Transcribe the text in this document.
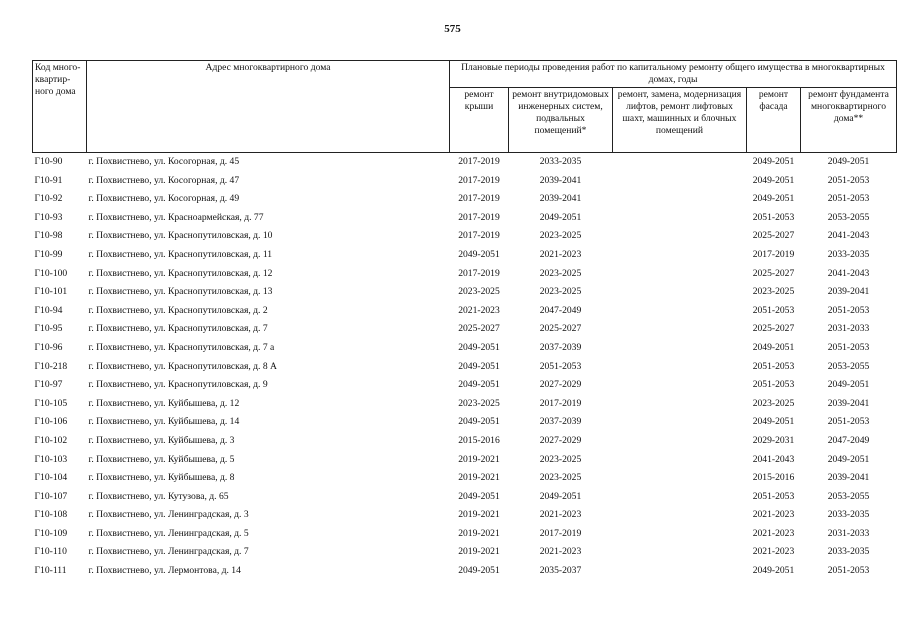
575
Код много-квартир-ного дома	Адрес многоквартирного дома	Плановые периоды проведения работ по капитальному ремонту общего имущества в многоквартирных домах, годы				
		ремонт крыши	ремонт внутридомовых инженерных систем, подвальных помещений*	ремонт, замена, модернизация лифтов, ремонт лифтовых шахт, машинных и блочных помещений	ремонт фасада	ремонт фундамента многоквартирного дома**
Г10-90	г. Похвистнево, ул. Косогорная, д. 45	2017-2019	2033-2035		2049-2051	2049-2051
Г10-91	г. Похвистнево, ул. Косогорная, д. 47	2017-2019	2039-2041		2049-2051	2051-2053
Г10-92	г. Похвистнево, ул. Косогорная, д. 49	2017-2019	2039-2041		2049-2051	2051-2053
Г10-93	г. Похвистнево, ул. Красноармейская, д. 77	2017-2019	2049-2051		2051-2053	2053-2055
Г10-98	г. Похвистнево, ул. Краснопутиловская, д. 10	2017-2019	2023-2025		2025-2027	2041-2043
Г10-99	г. Похвистнево, ул. Краснопутиловская, д. 11	2049-2051	2021-2023		2017-2019	2033-2035
Г10-100	г. Похвистнево, ул. Краснопутиловская, д. 12	2017-2019	2023-2025		2025-2027	2041-2043
Г10-101	г. Похвистнево, ул. Краснопутиловская, д. 13	2023-2025	2023-2025		2023-2025	2039-2041
Г10-94	г. Похвистнево, ул. Краснопутиловская, д. 2	2021-2023	2047-2049		2051-2053	2051-2053
Г10-95	г. Похвистнево, ул. Краснопутиловская, д. 7	2025-2027	2025-2027		2025-2027	2031-2033
Г10-96	г. Похвистнево, ул. Краснопутиловская, д. 7 а	2049-2051	2037-2039		2049-2051	2051-2053
Г10-218	г. Похвистнево, ул. Краснопутиловская, д. 8 А	2049-2051	2051-2053		2051-2053	2053-2055
Г10-97	г. Похвистнево, ул. Краснопутиловская, д. 9	2049-2051	2027-2029		2051-2053	2049-2051
Г10-105	г. Похвистнево, ул. Куйбышева, д. 12	2023-2025	2017-2019		2023-2025	2039-2041
Г10-106	г. Похвистнево, ул. Куйбышева, д. 14	2049-2051	2037-2039		2049-2051	2051-2053
Г10-102	г. Похвистнево, ул. Куйбышева, д. 3	2015-2016	2027-2029		2029-2031	2047-2049
Г10-103	г. Похвистнево, ул. Куйбышева, д. 5	2019-2021	2023-2025		2041-2043	2049-2051
Г10-104	г. Похвистнево, ул. Куйбышева, д. 8	2019-2021	2023-2025		2015-2016	2039-2041
Г10-107	г. Похвистнево, ул. Кутузова, д. 65	2049-2051	2049-2051		2051-2053	2053-2055
Г10-108	г. Похвистнево, ул. Ленинградская, д. 3	2019-2021	2021-2023		2021-2023	2033-2035
Г10-109	г. Похвистнево, ул. Ленинградская, д. 5	2019-2021	2017-2019		2021-2023	2031-2033
Г10-110	г. Похвистнево, ул. Ленинградская, д. 7	2019-2021	2021-2023		2021-2023	2033-2035
Г10-111	г. Похвистнево, ул. Лермонтова, д. 14	2049-2051	2035-2037		2049-2051	2051-2053
